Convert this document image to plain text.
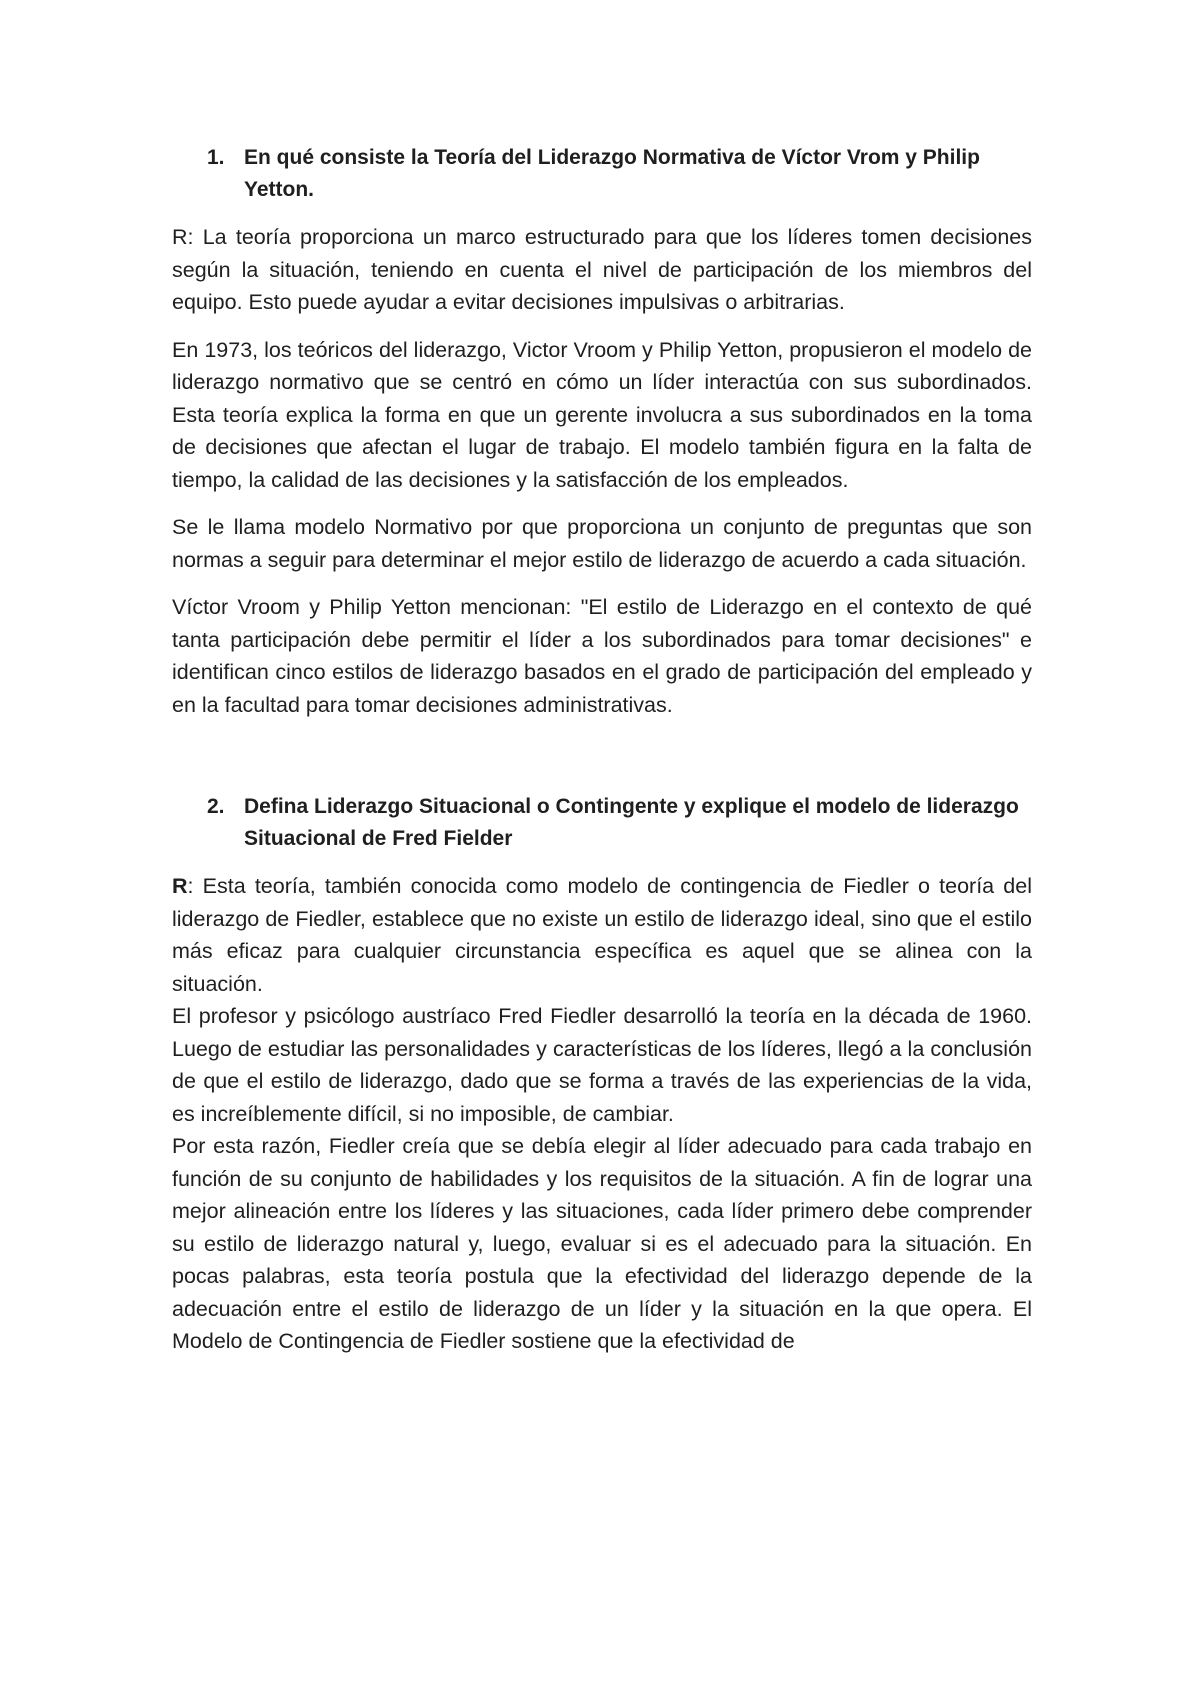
1. En qué consiste la Teoría del Liderazgo Normativa de Víctor Vrom y Philip Yetton.

R: La teoría proporciona un marco estructurado para que los líderes tomen decisiones según la situación, teniendo en cuenta el nivel de participación de los miembros del equipo. Esto puede ayudar a evitar decisiones impulsivas o arbitrarias.

En 1973, los teóricos del liderazgo, Victor Vroom y Philip Yetton, propusieron el modelo de liderazgo normativo que se centró en cómo un líder interactúa con sus subordinados. Esta teoría explica la forma en que un gerente involucra a sus subordinados en la toma de decisiones que afectan el lugar de trabajo. El modelo también figura en la falta de tiempo, la calidad de las decisiones y la satisfacción de los empleados.

Se le llama modelo Normativo por que proporciona un conjunto de preguntas que son normas a seguir para determinar el mejor estilo de liderazgo de acuerdo a cada situación.

Víctor Vroom y Philip Yetton mencionan: "El estilo de Liderazgo en el contexto de qué tanta participación debe permitir el líder a los subordinados para tomar decisiones" e identifican cinco estilos de liderazgo basados en el grado de participación del empleado y en la facultad para tomar decisiones administrativas.

2. Defina Liderazgo Situacional o Contingente y explique el modelo de liderazgo Situacional de Fred Fielder

R: Esta teoría, también conocida como modelo de contingencia de Fiedler o teoría del liderazgo de Fiedler, establece que no existe un estilo de liderazgo ideal, sino que el estilo más eficaz para cualquier circunstancia específica es aquel que se alinea con la situación.

El profesor y psicólogo austríaco Fred Fiedler desarrolló la teoría en la década de 1960. Luego de estudiar las personalidades y características de los líderes, llegó a la conclusión de que el estilo de liderazgo, dado que se forma a través de las experiencias de la vida, es increíblemente difícil, si no imposible, de cambiar.

Por esta razón, Fiedler creía que se debía elegir al líder adecuado para cada trabajo en función de su conjunto de habilidades y los requisitos de la situación. A fin de lograr una mejor alineación entre los líderes y las situaciones, cada líder primero debe comprender su estilo de liderazgo natural y, luego, evaluar si es el adecuado para la situación. En pocas palabras, esta teoría postula que la efectividad del liderazgo depende de la adecuación entre el estilo de liderazgo de un líder y la situación en la que opera. El Modelo de Contingencia de Fiedler sostiene que la efectividad de
